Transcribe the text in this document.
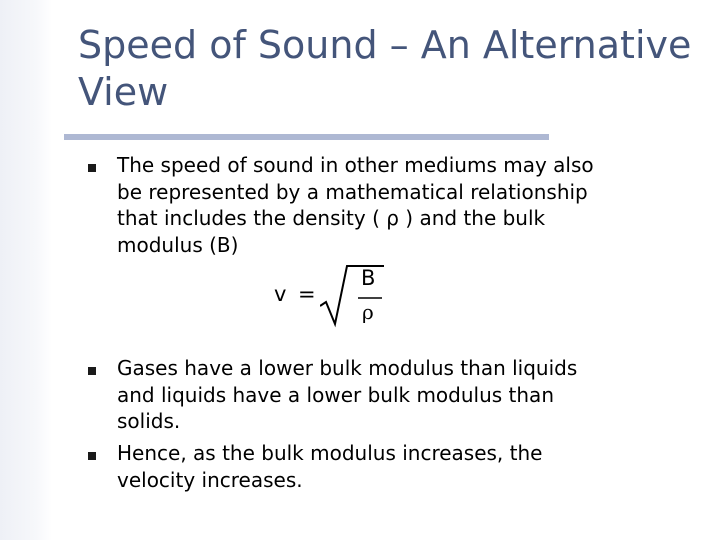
Speed of Sound – An Alternative View

The speed of sound in other mediums may also
be represented by a mathematical relationship
that includes the density ( ρ ) and the bulk
modulus (B)

v =
B
ρ

Gases have a lower bulk modulus than liquids
and liquids have a lower bulk modulus than
solids.

Hence, as the bulk modulus increases, the
velocity increases.
